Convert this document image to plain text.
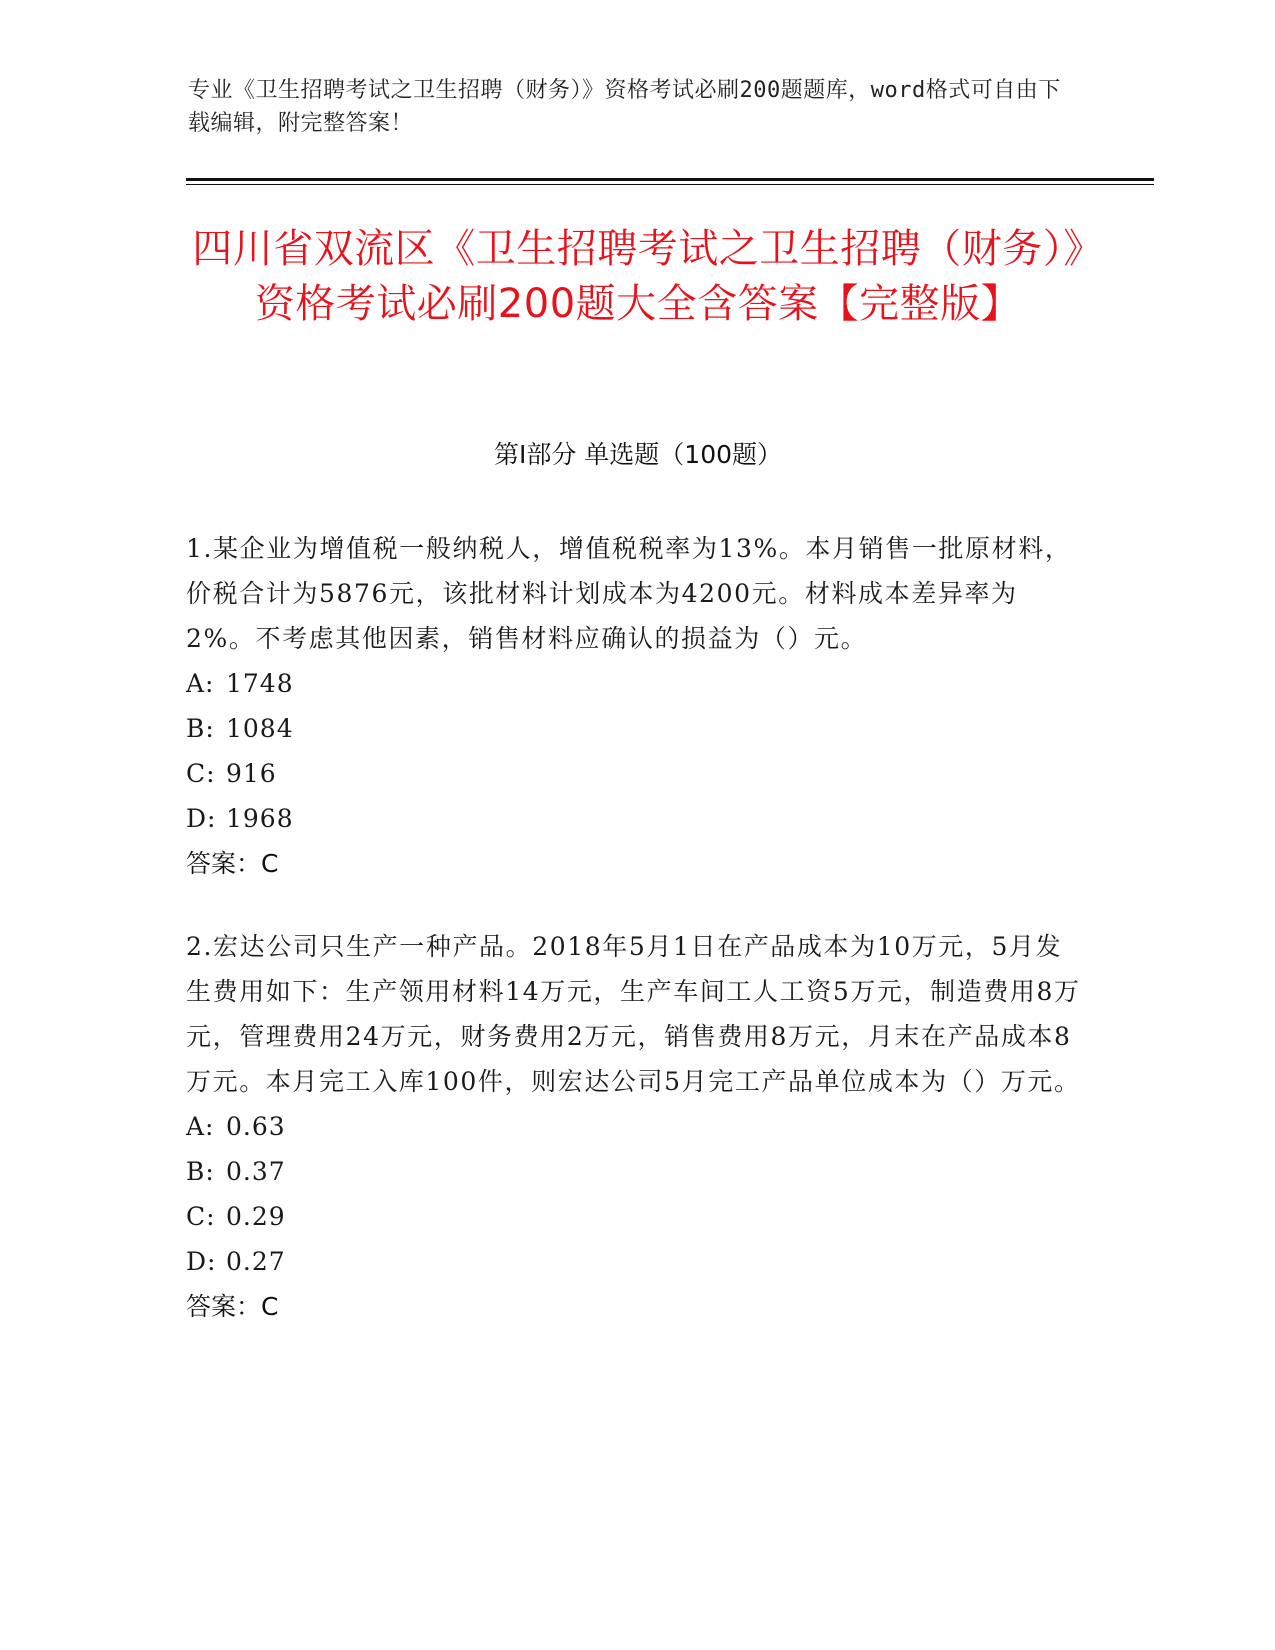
专业《卫生招聘考试之卫生招聘（财务）》资格考试必刷200题题库，word格式可自由下载编辑，附完整答案！
四川省双流区《卫生招聘考试之卫生招聘（财务）》资格考试必刷200题大全含答案【完整版】
第Ⅰ部分 单选题（100题）

1.某企业为增值税一般纳税人，增值税税率为13%。本月销售一批原材料，价税合计为5876元，该批材料计划成本为4200元。材料成本差异率为2%。不考虑其他因素，销售材料应确认的损益为（）元。

A: 1748
B: 1084
C: 916
D: 1968
答案：C

2.宏达公司只生产一种产品。2018年5月1日在产品成本为10万元，5月发生费用如下：生产领用材料14万元，生产车间工人工资5万元，制造费用8万元，管理费用24万元，财务费用2万元，销售费用8万元，月末在产品成本8万元。本月完工入库100件，则宏达公司5月完工产品单位成本为（）万元。

A: 0.63
B: 0.37
C: 0.29
D: 0.27
答案：C
